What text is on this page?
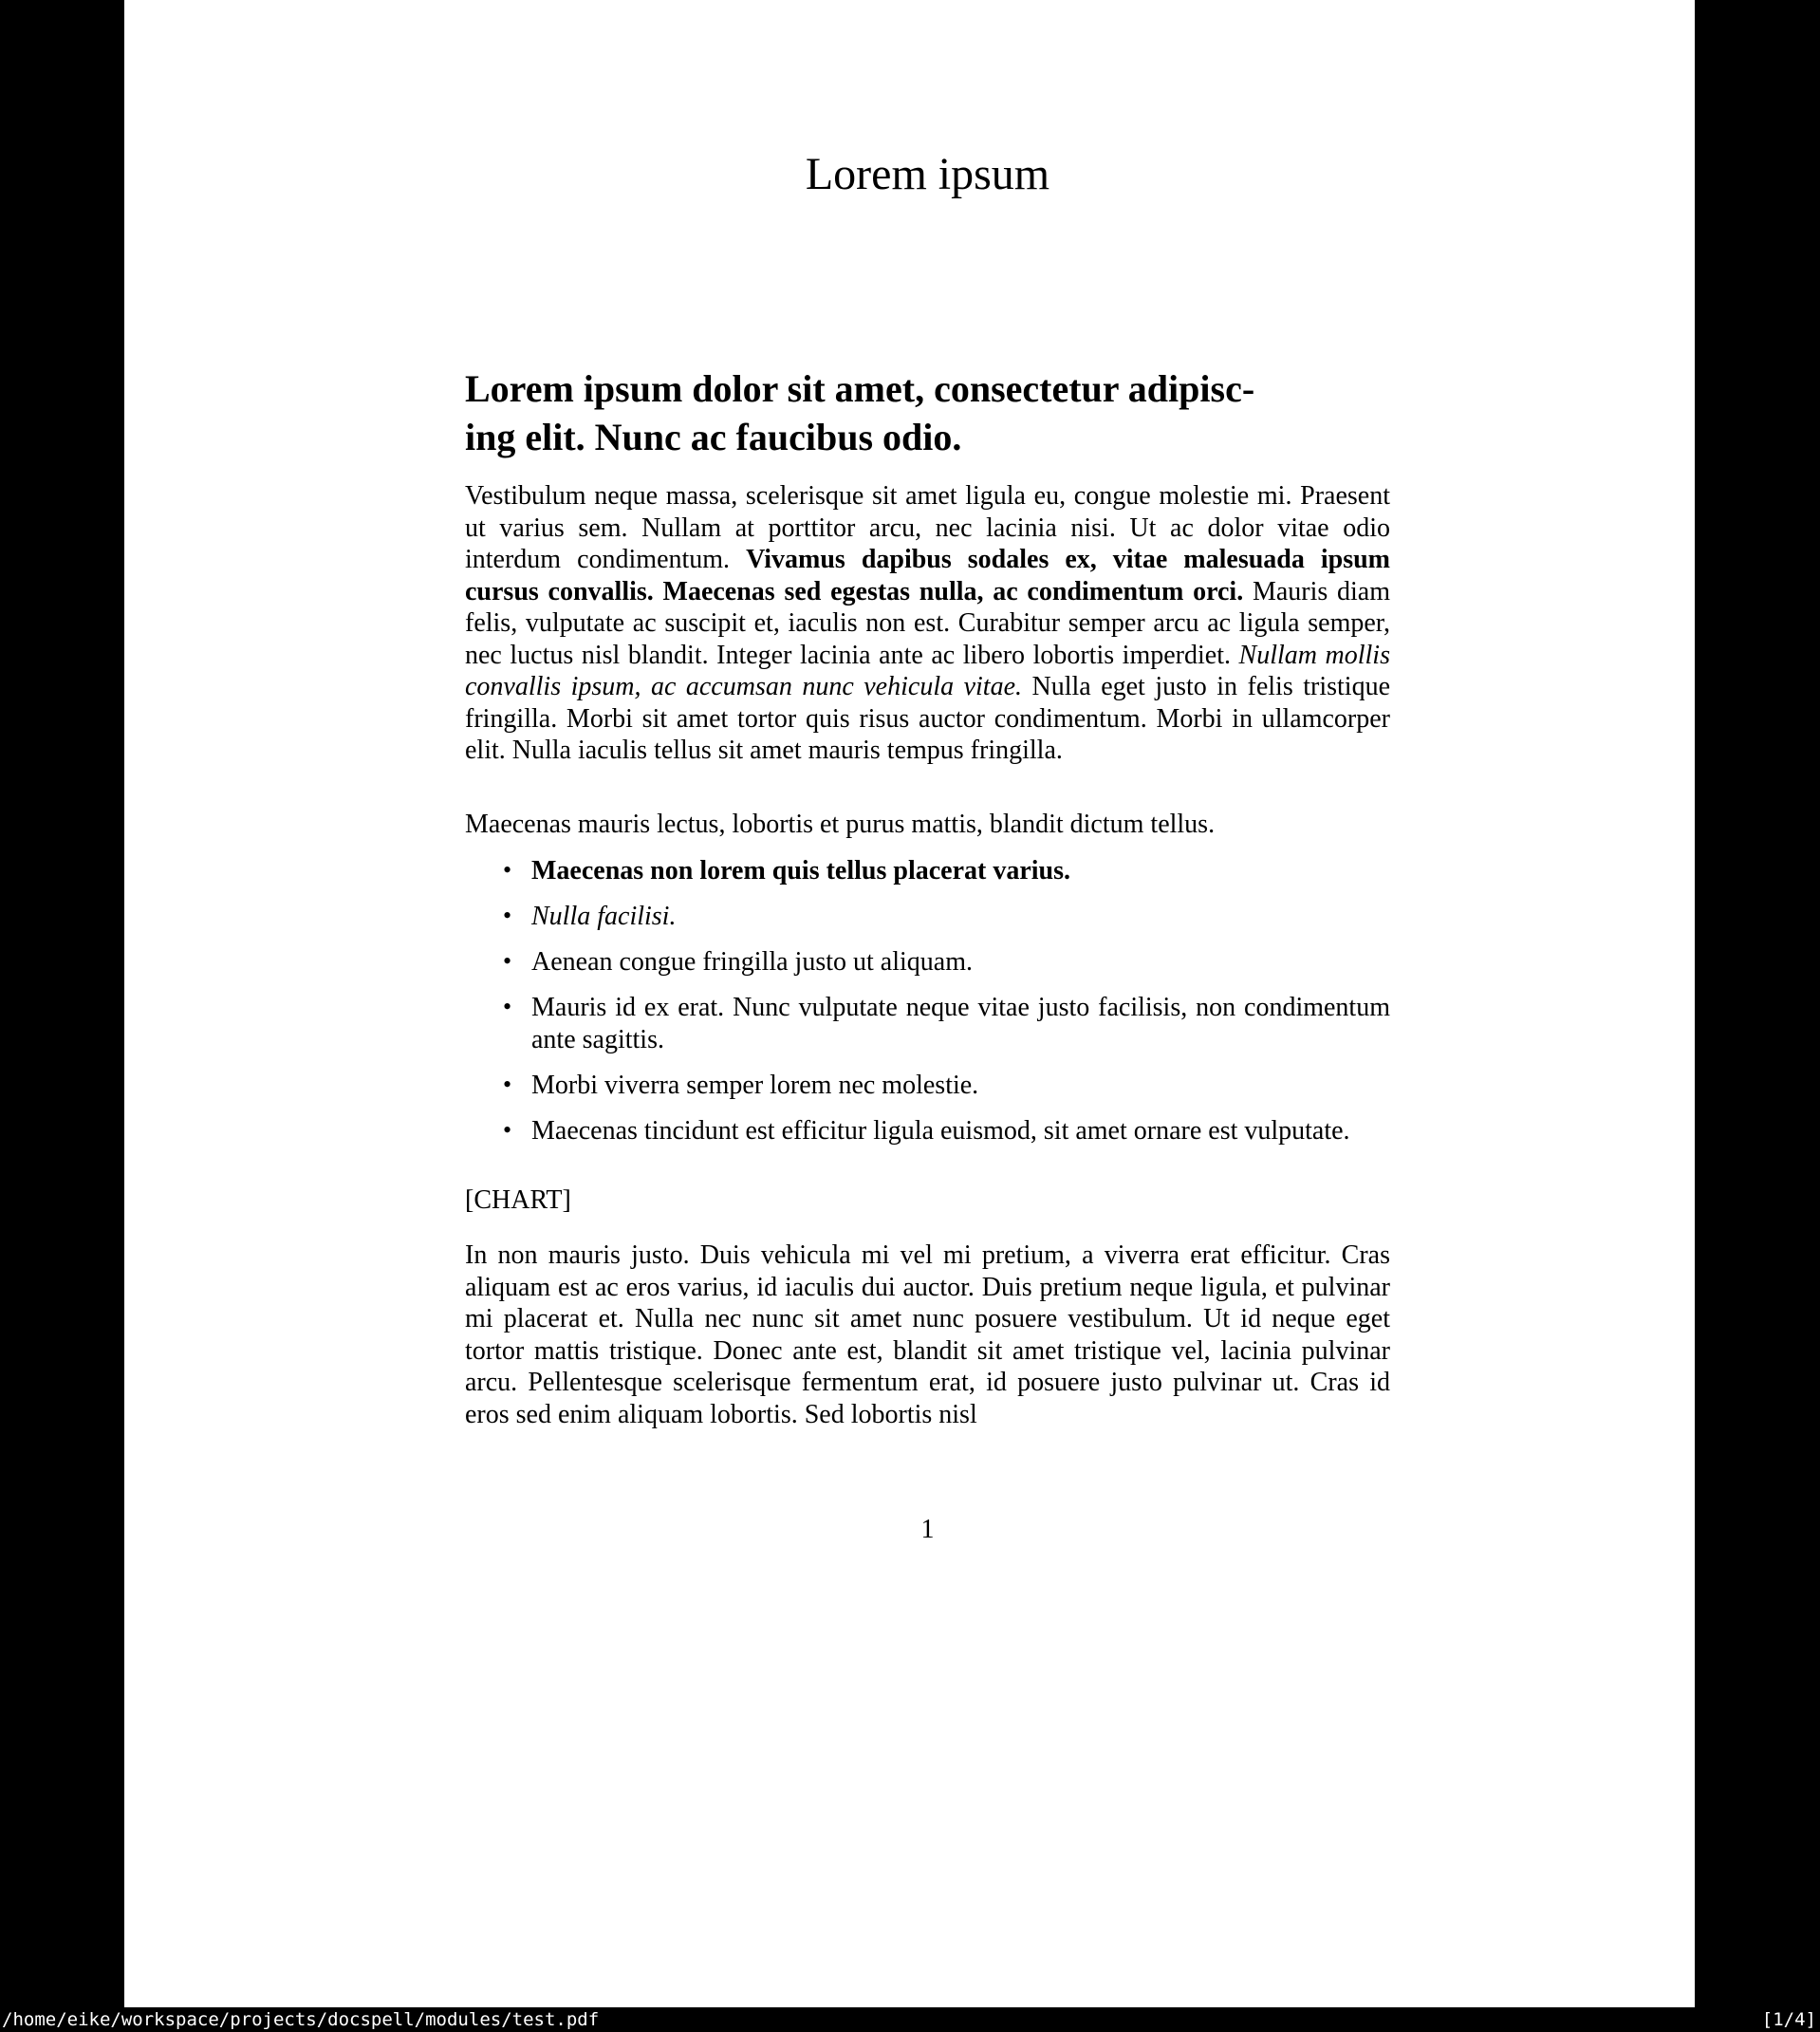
Lorem ipsum
Lorem ipsum dolor sit amet, consectetur adipisc-
ing elit. Nunc ac faucibus odio.

Vestibulum neque massa, scelerisque sit amet ligula eu, congue molestie mi. Praesent ut varius sem. Nullam at porttitor arcu, nec lacinia nisi. Ut ac dolor vitae odio interdum condimentum. Vivamus dapibus sodales ex, vitae malesuada ipsum cursus convallis. Maecenas sed egestas nulla, ac condimentum orci. Mauris diam felis, vulputate ac suscipit et, iaculis non est. Curabitur semper arcu ac ligula semper, nec luctus nisl blandit. Integer lacinia ante ac libero lobortis imperdiet. Nullam mollis convallis ipsum, ac accumsan nunc vehicula vitae. Nulla eget justo in felis tristique fringilla. Morbi sit amet tortor quis risus auctor condimentum. Morbi in ullamcorper elit. Nulla iaculis tellus sit amet mauris tempus fringilla.

Maecenas mauris lectus, lobortis et purus mattis, blandit dictum tellus.

• Maecenas non lorem quis tellus placerat varius.
• Nulla facilisi.
• Aenean congue fringilla justo ut aliquam.
• Mauris id ex erat. Nunc vulputate neque vitae justo facilisis, non condimentum ante sagittis.
• Morbi viverra semper lorem nec molestie.
• Maecenas tincidunt est efficitur ligula euismod, sit amet ornare est vulputate.

[CHART]

In non mauris justo. Duis vehicula mi vel mi pretium, a viverra erat efficitur. Cras aliquam est ac eros varius, id iaculis dui auctor. Duis pretium neque ligula, et pulvinar mi placerat et. Nulla nec nunc sit amet nunc posuere vestibulum. Ut id neque eget tortor mattis tristique. Donec ante est, blandit sit amet tristique vel, lacinia pulvinar arcu. Pellentesque scelerisque fermentum erat, id posuere justo pulvinar ut. Cras id eros sed enim aliquam lobortis. Sed lobortis nisl

1
/home/eike/workspace/projects/docspell/modules/test.pdf	[1/4]
